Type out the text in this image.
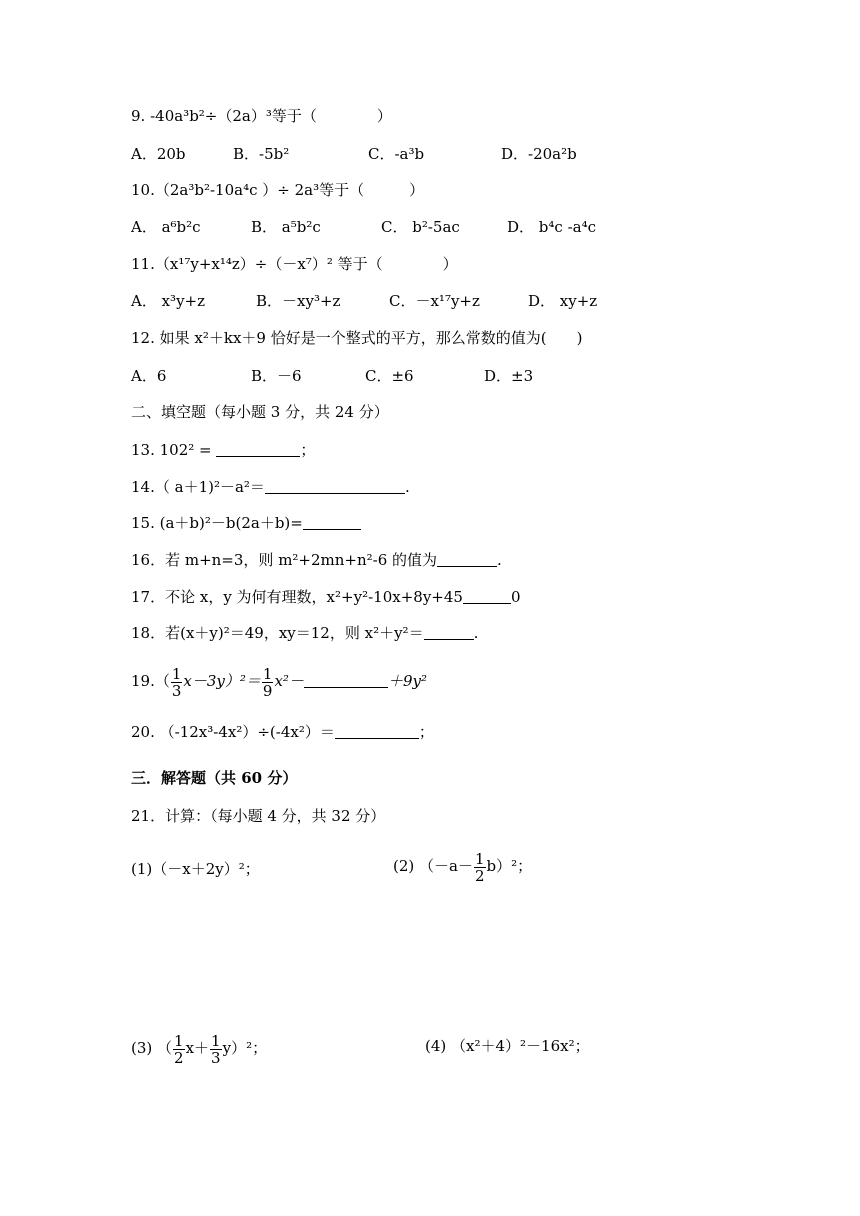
9. -40a³b²÷（2a）³等于（　　　　）
A．20b	B．-5b²	C．-a³b	D．-20a²b
10.（2a³b²-10a⁴c ）÷ 2a³等于（　　　）
A． a⁶b²c	B． a⁵b²c	C． b²-5ac	D． b⁴c -a⁴c
11.（x¹⁷y+x¹⁴z）÷（－x⁷）² 等于（　　　　）
A． x³y+z	B．－xy³+z	C．－x¹⁷y+z	D． xy+z
12. 如果 x²＋kx＋9 恰好是一个整式的平方，那么常数的值为(　　)
A．6	B．－6	C．±6	D．±3
二、填空题（每小题 3 分，共 24 分）
13. 102² =	；
14.（ a＋1)²－a²＝	.
15. (a＋b)²－b(2a＋b)=
16．若 m+n=3，则 m²+2mn+n²-6 的值为	.
17．不论 x，y 为何有理数，x²+y²-10x+8y+45	0
18．若(x＋y)²＝49，xy＝12，则 x²＋y²＝	.
$19.( \frac{1}{3} x-3y)^2= \frac{1}{9} x^2-$	＋9y²
20. （-12x³-4x²）÷(-4x²）＝	；
三．解答题（共 60 分）
21．计算：（每小题 4 分，共 32 分）
(1)（－x＋2y）²；	(2) $(-a- \frac{1}{2} b)^2$；
(3) （ $\frac{1}{2} x+ \frac{1}{3} y)^2$；	(4) （x²＋4）²－16x²；
